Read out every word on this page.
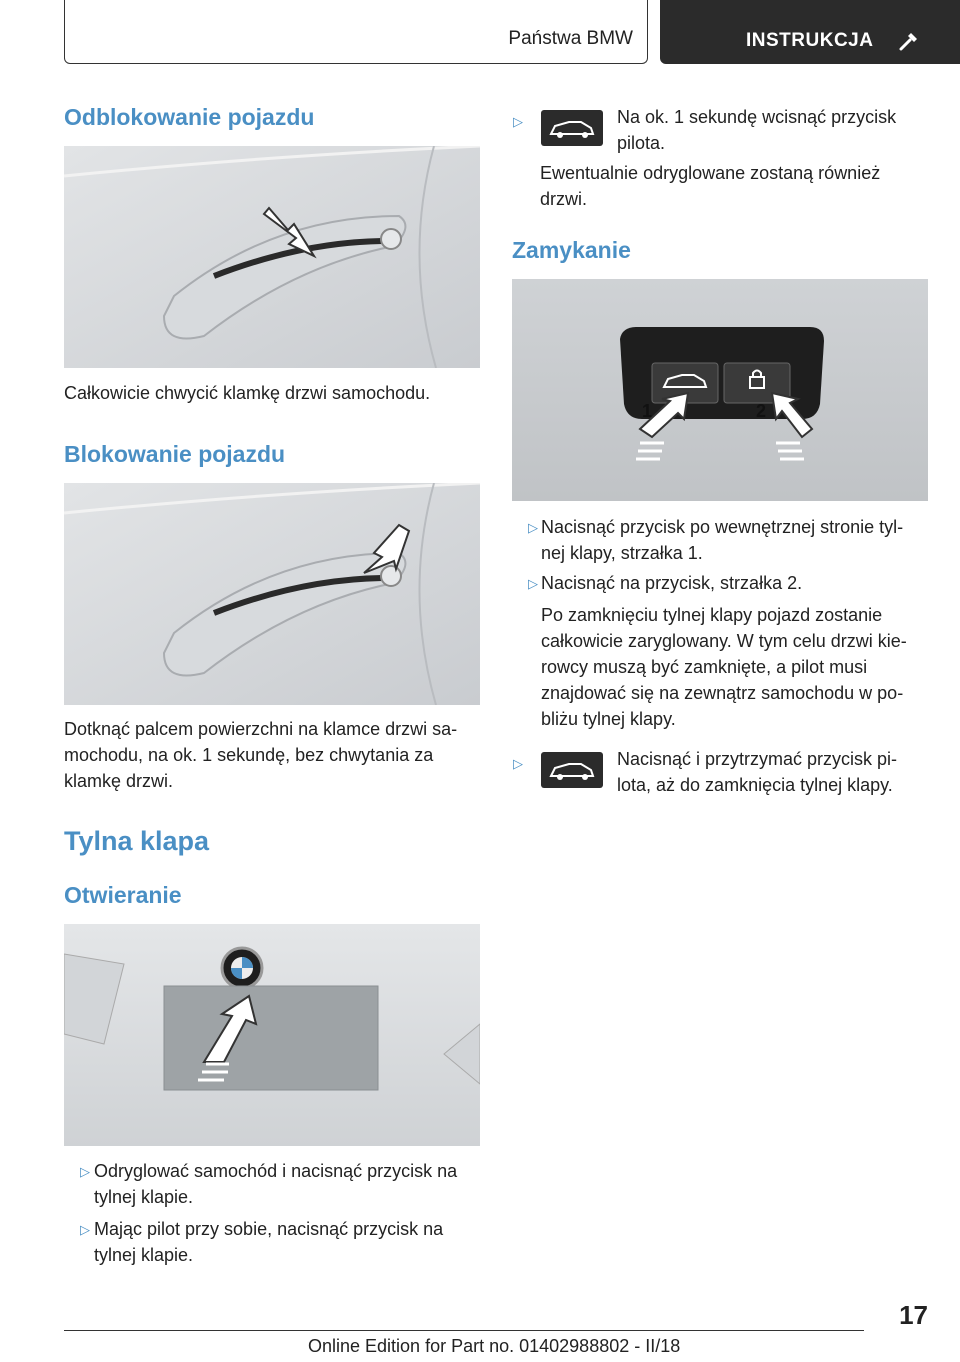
Państwa BMW	INSTRUKCJA
Odblokowanie pojazdu
Całkowicie chwycić klamkę drzwi samochodu.
Blokowanie pojazdu
Dotknąć palcem powierzchni na klamce drzwi sa‐
mochodu, na ok. 1 sekundę, bez chwytania za
klamkę drzwi.
Tylna klapa
Otwieranie
▷ Odryglować samochód i nacisnąć przycisk na
tylnej klapie.
▷ Mając pilot przy sobie, nacisnąć przycisk na
tylnej klapie.
▷	Na ok. 1 sekundę wcisnąć przycisk
pilota.
Ewentualnie odryglowane zostaną również
drzwi.
Zamykanie
1	2
▷ Nacisnąć przycisk po wewnętrznej stronie tyl‐
nej klapy, strzałka 1.
▷ Nacisnąć na przycisk, strzałka 2.
Po zamknięciu tylnej klapy pojazd zostanie
całkowicie zaryglowany. W tym celu drzwi kie‐
rowcy muszą być zamknięte, a pilot musi
znajdować się na zewnątrz samochodu w po‐
bliżu tylnej klapy.
▷	Nacisnąć i przytrzymać przycisk pi‐
lota, aż do zamknięcia tylnej klapy.
17
Online Edition for Part no. 01402988802 - II/18
